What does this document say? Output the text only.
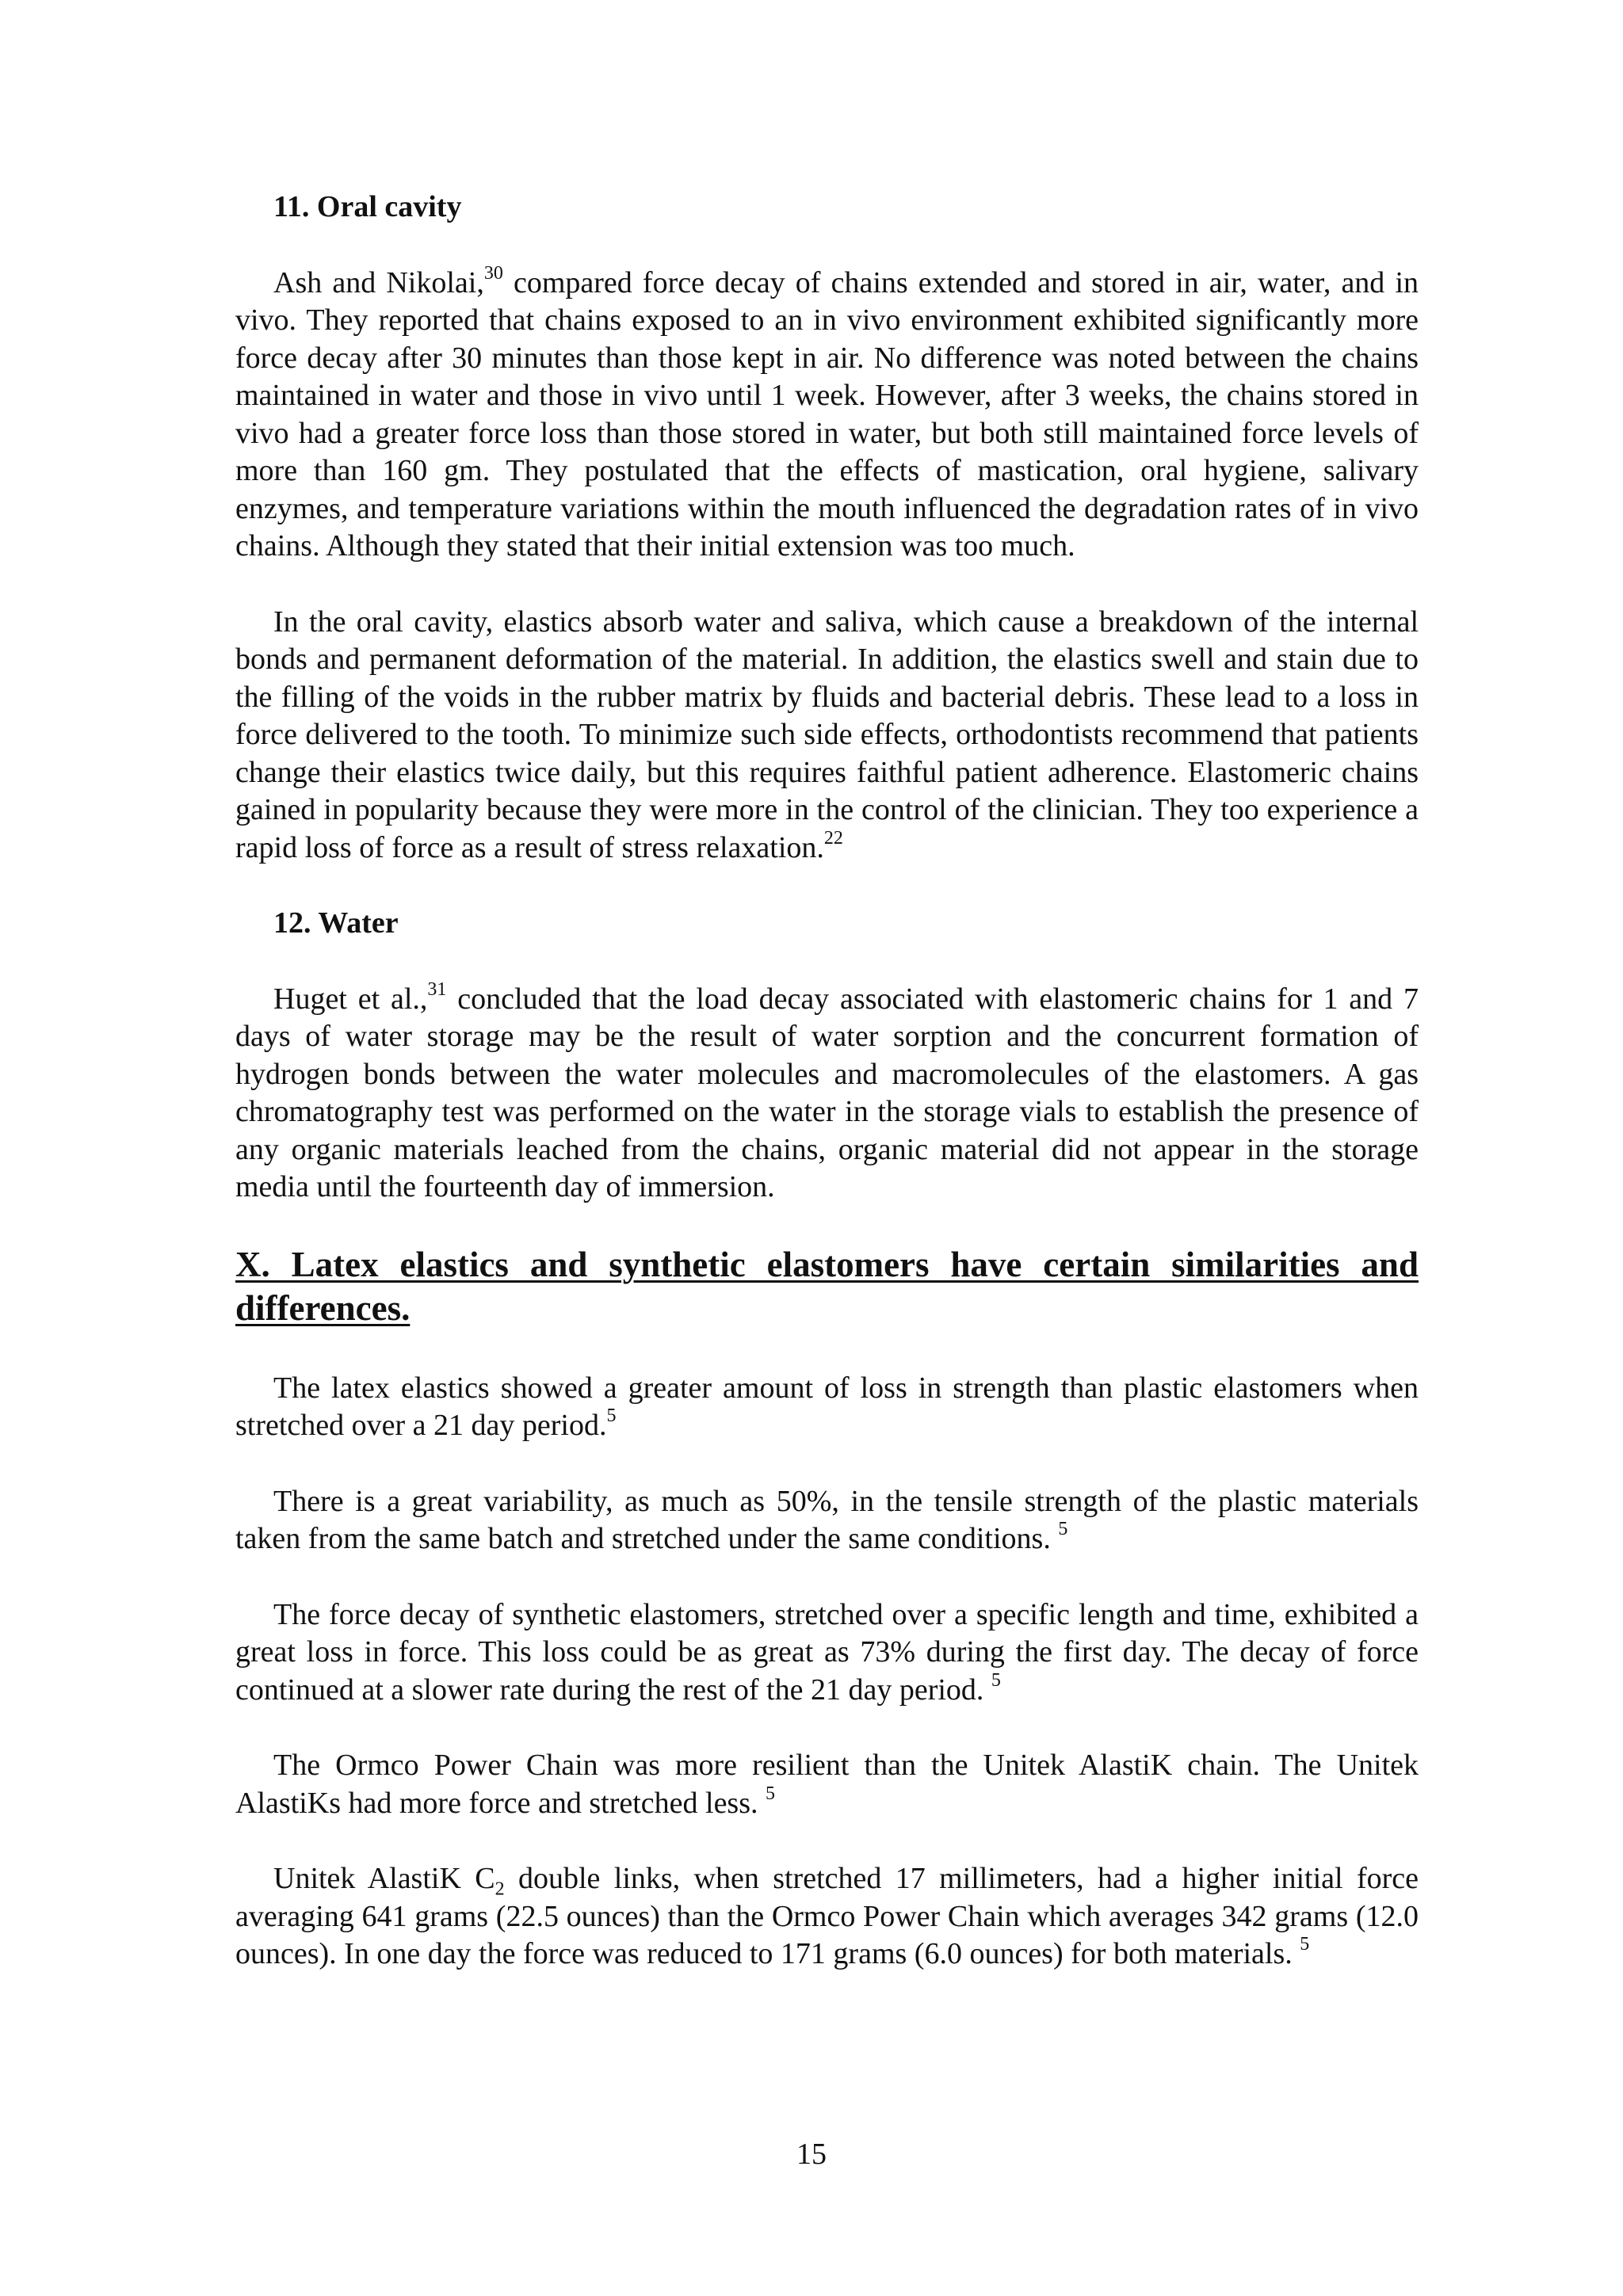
11. Oral cavity

Ash and Nikolai,$^{30}$ compared force decay of chains extended and stored in air, water, and in vivo. They reported that chains exposed to an in vivo environment exhibited significantly more force decay after 30 minutes than those kept in air. No difference was noted between the chains maintained in water and those in vivo until 1 week. However, after 3 weeks, the chains stored in vivo had a greater force loss than those stored in water, but both still maintained force levels of more than 160 gm. They postulated that the effects of mastication, oral hygiene, salivary enzymes, and temperature variations within the mouth influenced the degradation rates of in vivo chains. Although they stated that their initial extension was too much.

In the oral cavity, elastics absorb water and saliva, which cause a breakdown of the internal bonds and permanent deformation of the material. In addition, the elastics swell and stain due to the filling of the voids in the rubber matrix by fluids and bacterial debris. These lead to a loss in force delivered to the tooth. To minimize such side effects, orthodontists recommend that patients change their elastics twice daily, but this requires faithful patient adherence. Elastomeric chains gained in popularity because they were more in the control of the clinician. They too experience a rapid loss of force as a result of stress relaxation.$^{22}$

12. Water

Huget et al.,$^{31}$ concluded that the load decay associated with elastomeric chains for 1 and 7 days of water storage may be the result of water sorption and the concurrent formation of hydrogen bonds between the water molecules and macromolecules of the elastomers. A gas chromatography test was performed on the water in the storage vials to establish the presence of any organic materials leached from the chains, organic material did not appear in the storage media until the fourteenth day of immersion.

X. Latex elastics and synthetic elastomers have certain similarities and differences.

The latex elastics showed a greater amount of loss in strength than plastic elastomers when stretched over a 21 day period.$^5$

There is a great variability, as much as 50%, in the tensile strength of the plastic materials taken from the same batch and stretched under the same conditions. $^5$

The force decay of synthetic elastomers, stretched over a specific length and time, exhibited a great loss in force. This loss could be as great as 73% during the first day. The decay of force continued at a slower rate during the rest of the 21 day period. $^5$

The Ormco Power Chain was more resilient than the Unitek AlastiK chain. The Unitek AlastiKs had more force and stretched less. $^5$

Unitek AlastiK $C_2$ double links, when stretched 17 millimeters, had a higher initial force averaging 641 grams (22.5 ounces) than the Ormco Power Chain which averages 342 grams (12.0 ounces). In one day the force was reduced to 171 grams (6.0 ounces) for both materials. $^5$

15
